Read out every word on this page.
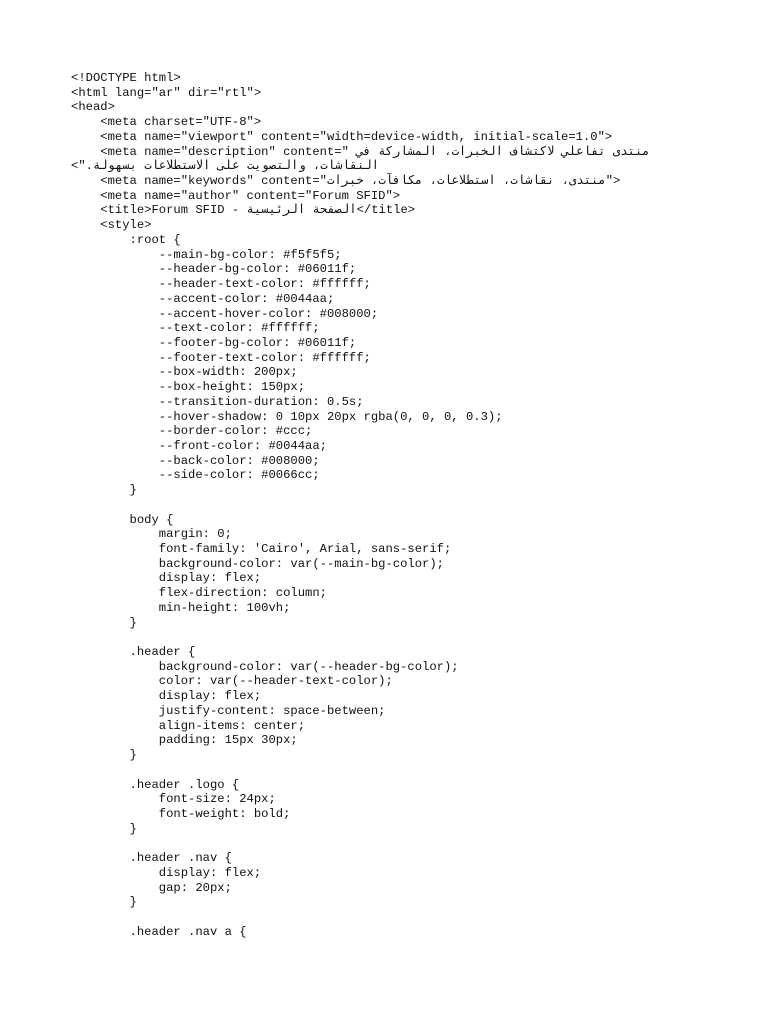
<!DOCTYPE html>
<html lang="ar" dir="rtl">
<head>
<meta charset="UTF-8">
<meta name="viewport" content="width=device-width, initial-scale=1.0">
<meta name="description" content=" منتدى تفاعلي لاكتشاف الخبرات، المشاركة في
النقاشات، والتصويت على الاستطلاعات بسهولة.">
<meta name="keywords" content="منتدى، نقاشات، استطلاعات، مكافآت، خبرات">
<meta name="author" content="Forum SFID">
<title>Forum SFID - الصفحة الرئيسية</title>
<style>
:root {
--main-bg-color: #f5f5f5;
--header-bg-color: #06011f;
--header-text-color: #ffffff;
--accent-color: #0044aa;
--accent-hover-color: #008000;
--text-color: #ffffff;
--footer-bg-color: #06011f;
--footer-text-color: #ffffff;
--box-width: 200px;
--box-height: 150px;
--transition-duration: 0.5s;
--hover-shadow: 0 10px 20px rgba(0, 0, 0, 0.3);
--border-color: #ccc;
--front-color: #0044aa;
--back-color: #008000;
--side-color: #0066cc;
}

body {
margin: 0;
font-family: 'Cairo', Arial, sans-serif;
background-color: var(--main-bg-color);
display: flex;
flex-direction: column;
min-height: 100vh;
}

.header {
background-color: var(--header-bg-color);
color: var(--header-text-color);
display: flex;
justify-content: space-between;
align-items: center;
padding: 15px 30px;
}

.header .logo {
font-size: 24px;
font-weight: bold;
}

.header .nav {
display: flex;
gap: 20px;
}

.header .nav a {
